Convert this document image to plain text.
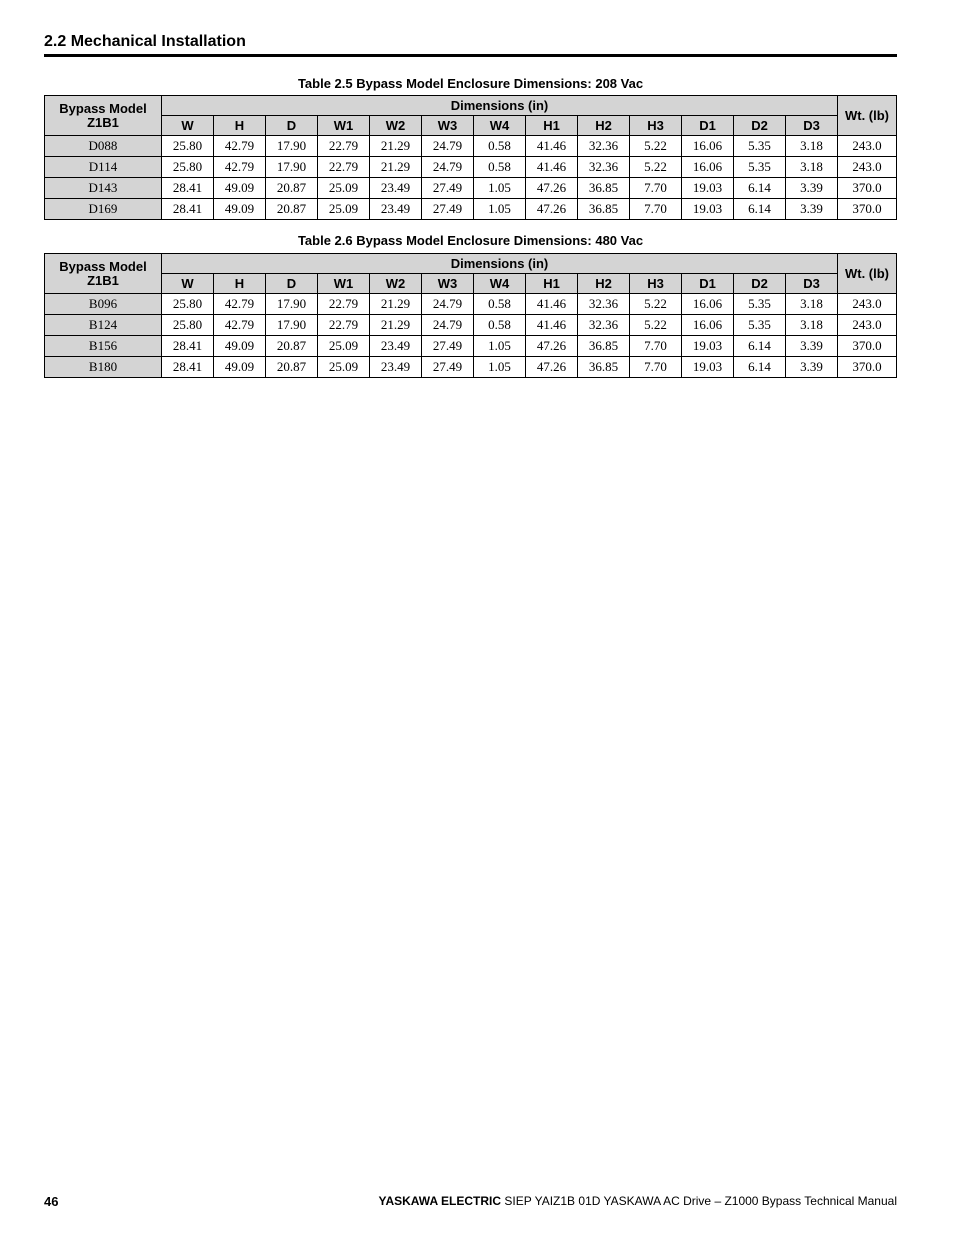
2.2 Mechanical Installation
Table 2.5 Bypass Model Enclosure Dimensions: 208 Vac
Bypass Model Z1B1	Dimensions (in)													Wt. (lb)
	W	H	D	W1	W2	W3	W4	H1	H2	H3	D1	D2	D3	
D088	25.80	42.79	17.90	22.79	21.29	24.79	0.58	41.46	32.36	5.22	16.06	5.35	3.18	243.0
D114	25.80	42.79	17.90	22.79	21.29	24.79	0.58	41.46	32.36	5.22	16.06	5.35	3.18	243.0
D143	28.41	49.09	20.87	25.09	23.49	27.49	1.05	47.26	36.85	7.70	19.03	6.14	3.39	370.0
D169	28.41	49.09	20.87	25.09	23.49	27.49	1.05	47.26	36.85	7.70	19.03	6.14	3.39	370.0
Table 2.6 Bypass Model Enclosure Dimensions: 480 Vac
Bypass Model Z1B1	Dimensions (in)													Wt. (lb)
	W	H	D	W1	W2	W3	W4	H1	H2	H3	D1	D2	D3	
B096	25.80	42.79	17.90	22.79	21.29	24.79	0.58	41.46	32.36	5.22	16.06	5.35	3.18	243.0
B124	25.80	42.79	17.90	22.79	21.29	24.79	0.58	41.46	32.36	5.22	16.06	5.35	3.18	243.0
B156	28.41	49.09	20.87	25.09	23.49	27.49	1.05	47.26	36.85	7.70	19.03	6.14	3.39	370.0
B180	28.41	49.09	20.87	25.09	23.49	27.49	1.05	47.26	36.85	7.70	19.03	6.14	3.39	370.0
46	YASKAWA ELECTRIC SIEP YAIZ1B 01D YASKAWA AC Drive – Z1000 Bypass Technical Manual
